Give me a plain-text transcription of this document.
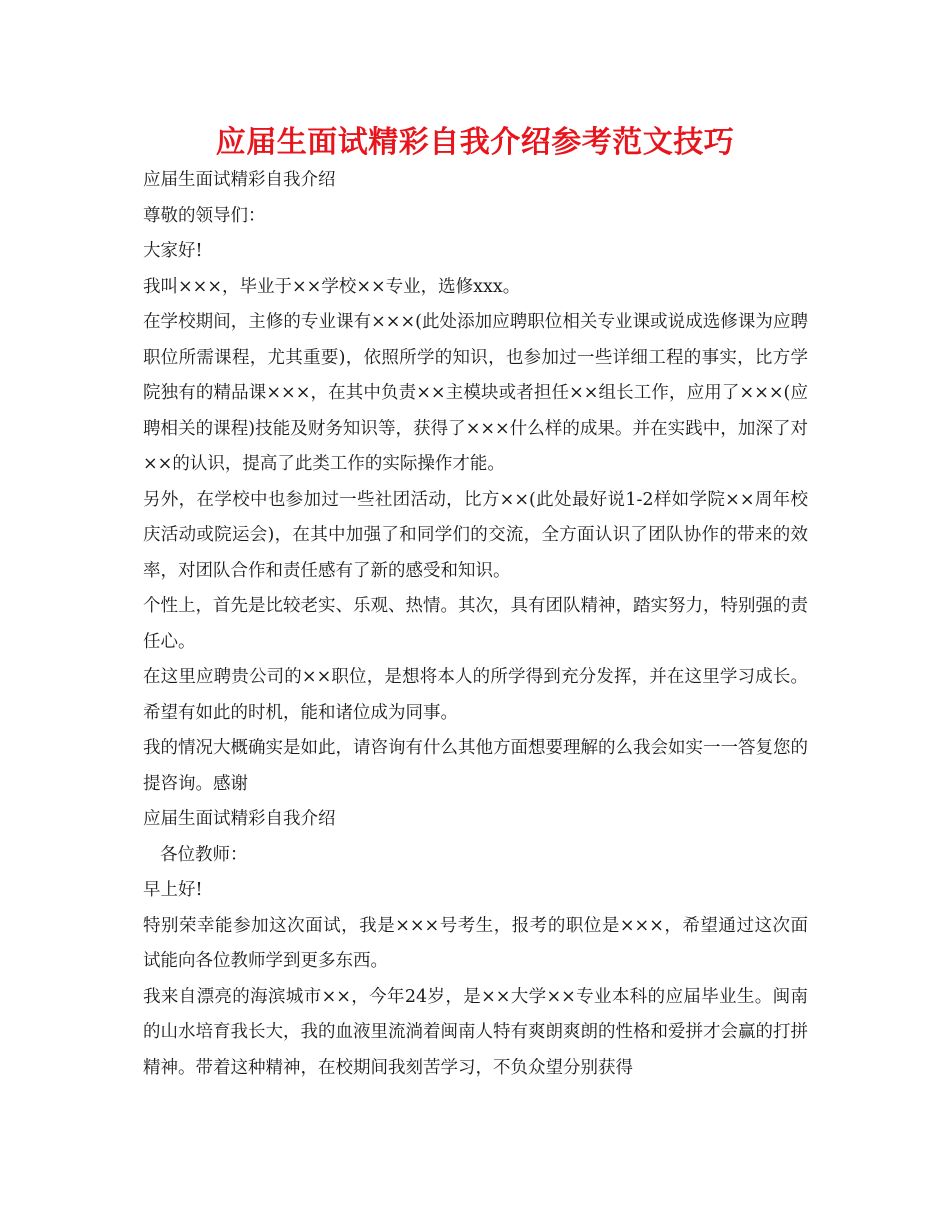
应届生面试精彩自我介绍参考范文技巧

应届生面试精彩自我介绍

尊敬的领导们：

大家好!

我叫×××，毕业于××学校××专业，选修xxx。

在学校期间，主修的专业课有×××(此处添加应聘职位相关专业课或说成选修课为应聘职位所需课程，尤其重要)，依照所学的知识，也参加过一些详细工程的事实，比方学院独有的精品课×××，在其中负责××主模块或者担任××组长工作，应用了×××(应聘相关的课程)技能及财务知识等，获得了×××什么样的成果。并在实践中，加深了对××的认识，提高了此类工作的实际操作才能。

另外，在学校中也参加过一些社团活动，比方××(此处最好说1-2样如学院××周年校庆活动或院运会)，在其中加强了和同学们的交流，全方面认识了团队协作的带来的效率，对团队合作和责任感有了新的感受和知识。

个性上，首先是比较老实、乐观、热情。其次，具有团队精神，踏实努力，特别强的责任心。

在这里应聘贵公司的××职位，是想将本人的所学得到充分发挥，并在这里学习成长。希望有如此的时机，能和诸位成为同事。

我的情况大概确实是如此，请咨询有什么其他方面想要理解的么我会如实一一答复您的提咨询。感谢

应届生面试精彩自我介绍

各位教师：

早上好!

特别荣幸能参加这次面试，我是×××号考生，报考的职位是×××，希望通过这次面试能向各位教师学到更多东西。

我来自漂亮的海滨城市××，今年24岁，是××大学××专业本科的应届毕业生。闽南的山水培育我长大，我的血液里流淌着闽南人特有爽朗爽朗的性格和爱拼才会赢的打拼精神。带着这种精神，在校期间我刻苦学习，不负众望分别获得
